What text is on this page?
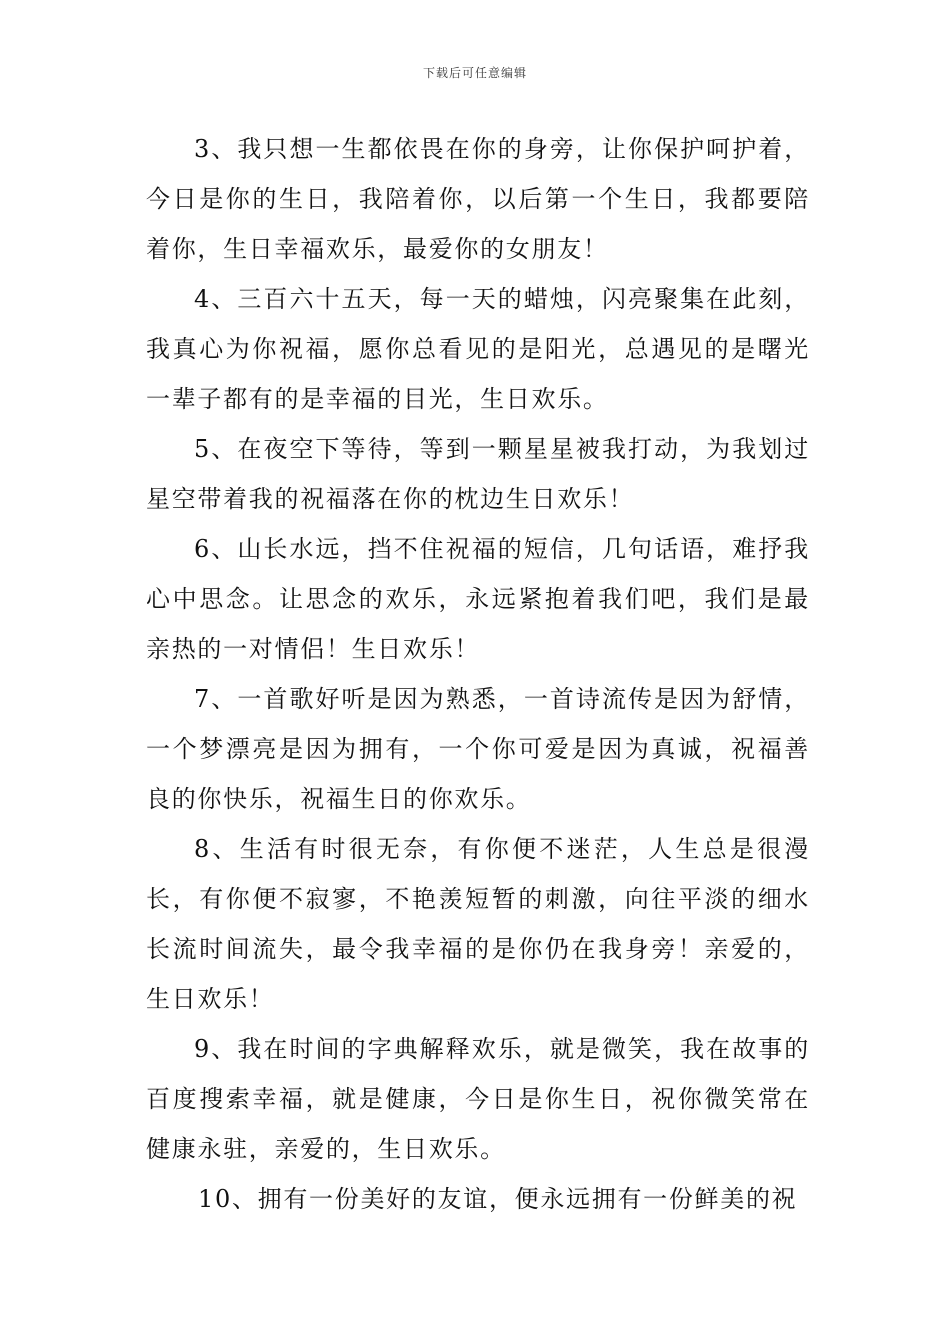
下载后可任意编辑

3、我只想一生都依畏在你的身旁，让你保护呵护着，今日是你的生日，我陪着你，以后第一个生日，我都要陪着你，生日幸福欢乐，最爱你的女朋友！

4、三百六十五天，每一天的蜡烛，闪亮聚集在此刻，我真心为你祝福，愿你总看见的是阳光，总遇见的是曙光一辈子都有的是幸福的目光，生日欢乐。

5、在夜空下等待，等到一颗星星被我打动，为我划过星空带着我的祝福落在你的枕边生日欢乐！

6、山长水远，挡不住祝福的短信，几句话语，难抒我心中思念。让思念的欢乐，永远紧抱着我们吧，我们是最亲热的一对情侣！生日欢乐！

7、一首歌好听是因为熟悉，一首诗流传是因为舒情，一个梦漂亮是因为拥有，一个你可爱是因为真诚，祝福善良的你快乐，祝福生日的你欢乐。

8、生活有时很无奈，有你便不迷茫，人生总是很漫长，有你便不寂寥，不艳羡短暂的刺激，向往平淡的细水长流时间流失，最令我幸福的是你仍在我身旁！亲爱的，生日欢乐！

9、我在时间的字典解释欢乐，就是微笑，我在故事的百度搜索幸福，就是健康，今日是你生日，祝你微笑常在健康永驻，亲爱的，生日欢乐。

10、拥有一份美好的友谊，便永远拥有一份鲜美的祝
